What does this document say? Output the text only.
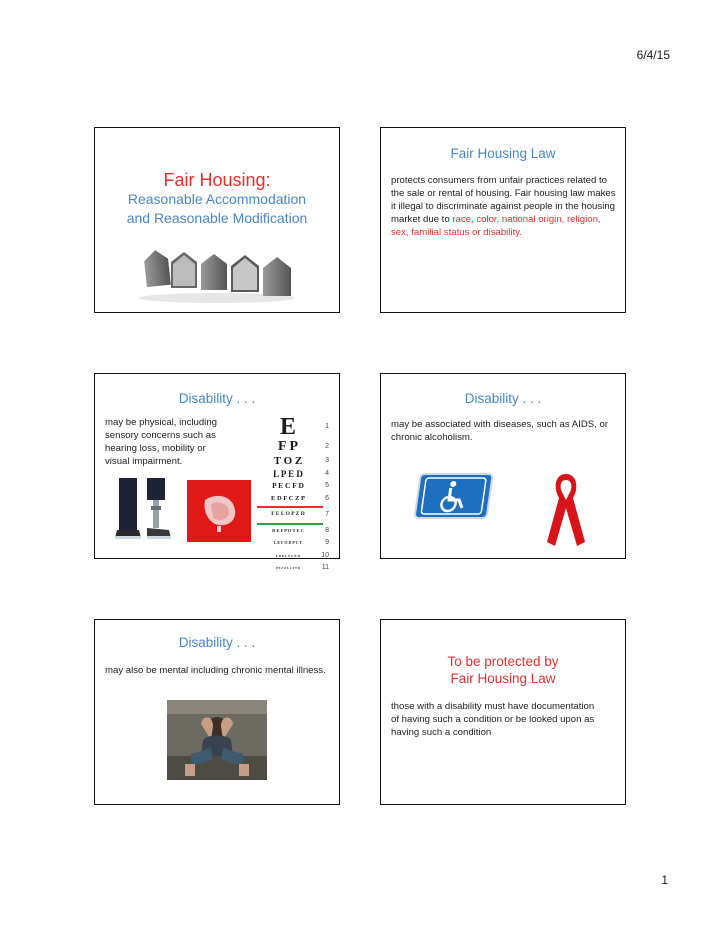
6/4/15
Fair Housing:
Reasonable Accommodation
and Reasonable Modification
Fair Housing Law
protects consumers from unfair practices related to the sale or rental of housing. Fair housing law makes it illegal to discriminate against people in the housing market due to race, color, national origin, religion, sex, familial status or disability.
Disability . . .
may be physical, including sensory concerns such as hearing loss, mobility or visual impairment.
E	1
F P	2
T O Z	3
L P E D	4
P E C F D	5
E D F C Z P	6
F E L O P Z D	7
D E F P O T E C	8
L E F O D P C T	9
F D P L T C E O	10
P E Z O L C F T D	11
Disability . . .
may be associated with diseases, such as AIDS, or chronic alcoholism.
Disability . . .
may also be mental including chronic mental illness.
To be protected by
Fair Housing Law
those with a disability must have documentation of having such a condition or be looked upon as having such a condition
1
